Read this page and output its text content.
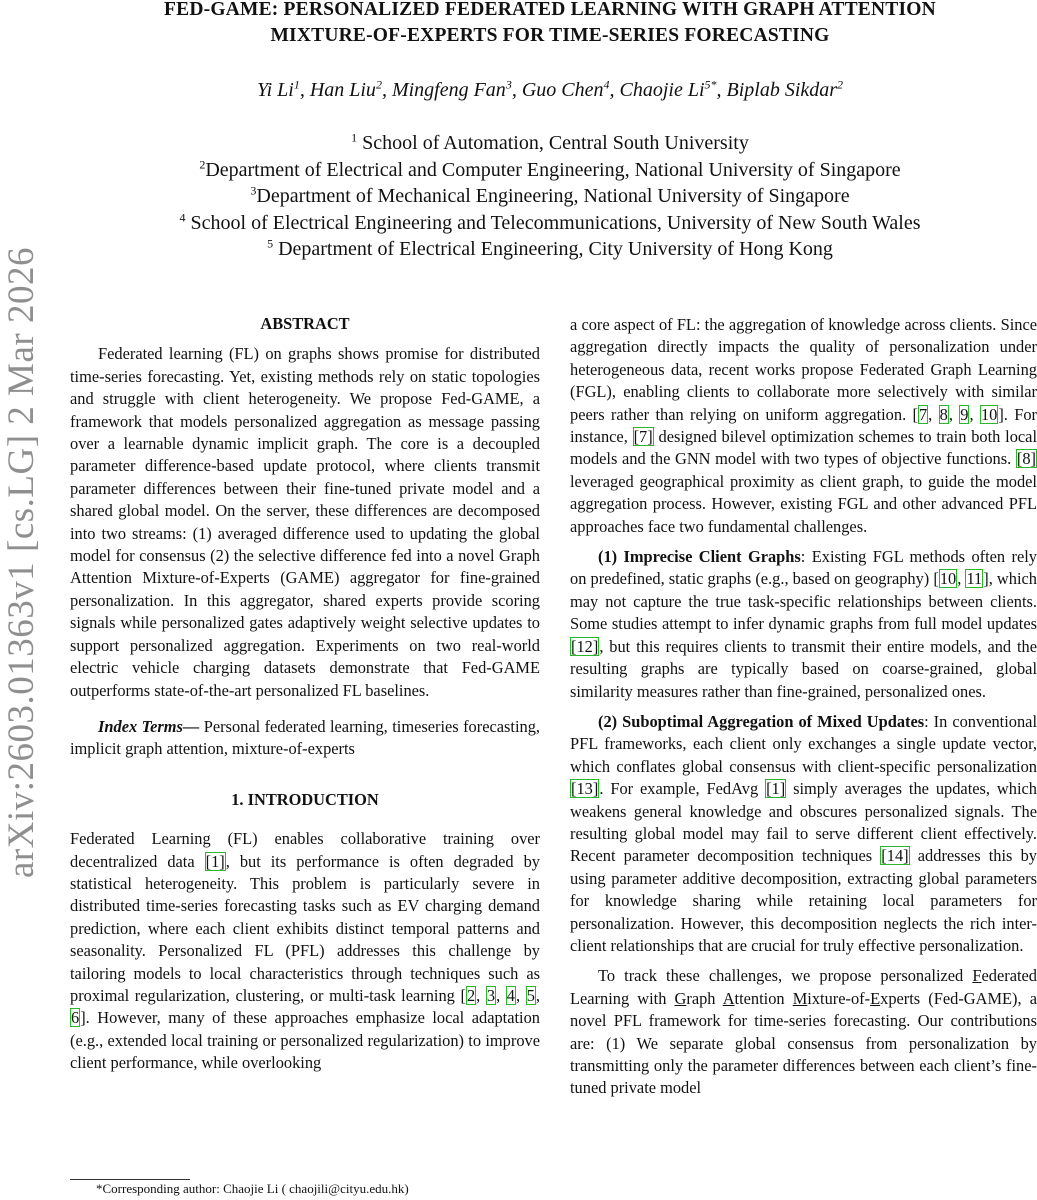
arXiv:2603.01363v1 [cs.LG] 2 Mar 2026
FED-GAME: PERSONALIZED FEDERATED LEARNING WITH GRAPH ATTENTION
MIXTURE-OF-EXPERTS FOR TIME-SERIES FORECASTING
Yi Li$^1$, Han Liu$^2$, Mingfeng Fan$^3$, Guo Chen$^4$, Chaojie $Li^{5*}$, Biplab Sikdar$^2$
$^1$ School of Automation, Central South University
$^2$Department of Electrical and Computer Engineering, National University of Singapore
$^3$Department of Mechanical Engineering, National University of Singapore
$^4$ School of Electrical Engineering and Telecommunications, University of New South Wales
$^5$ Department of Electrical Engineering, City University of Hong Kong
ABSTRACT

Federated learning (FL) on graphs shows promise for distributed time-series forecasting. Yet, existing methods rely on static topologies and struggle with client heterogeneity. We propose Fed-GAME, a framework that models personalized aggregation as message passing over a learnable dynamic implicit graph. The core is a decoupled parameter difference-based update protocol, where clients transmit parameter differences between their fine-tuned private model and a shared global model. On the server, these differences are decomposed into two streams: (1) averaged difference used to updating the global model for consensus (2) the selective difference fed into a novel Graph Attention Mixture-of-Experts (GAME) aggregator for fine-grained personalization. In this aggregator, shared experts provide scoring signals while personalized gates adaptively weight selective updates to support personalized aggregation. Experiments on two real-world electric vehicle charging datasets demonstrate that Fed-GAME outperforms state-of-the-art personalized FL baselines.

Index Terms— Personal federated learning, timeseries forecasting, implicit graph attention, mixture-of-experts

1. INTRODUCTION

Federated Learning (FL) enables collaborative training over decentralized data [1], but its performance is often degraded by statistical heterogeneity. This problem is particularly severe in distributed time-series forecasting tasks such as EV charging demand prediction, where each client exhibits distinct temporal patterns and seasonality. Personalized FL (PFL) addresses this challenge by tailoring models to local characteristics through techniques such as proximal regularization, clustering, or multi-task learning [2, 3, 4, 5, 6]. However, many of these approaches emphasize local adaptation (e.g., extended local training or personalized regularization) to improve client performance, while overlooking

a core aspect of FL: the aggregation of knowledge across clients. Since aggregation directly impacts the quality of personalization under heterogeneous data, recent works propose Federated Graph Learning (FGL), enabling clients to collaborate more selectively with similar peers rather than relying on uniform aggregation. [7, 8, 9, 10]. For instance, [7] designed bilevel optimization schemes to train both local models and the GNN model with two types of objective functions. [8] leveraged geographical proximity as client graph, to guide the model aggregation process. However, existing FGL and other advanced PFL approaches face two fundamental challenges.

(1) Imprecise Client Graphs: Existing FGL methods often rely on predefined, static graphs (e.g., based on geography) [10, 11], which may not capture the true task-specific relationships between clients. Some studies attempt to infer dynamic graphs from full model updates [12], but this requires clients to transmit their entire models, and the resulting graphs are typically based on coarse-grained, global similarity measures rather than fine-grained, personalized ones.

(2) Suboptimal Aggregation of Mixed Updates: In conventional PFL frameworks, each client only exchanges a single update vector, which conflates global consensus with client-specific personalization [13]. For example, FedAvg [1] simply averages the updates, which weakens general knowledge and obscures personalized signals. The resulting global model may fail to serve different client effectively. Recent parameter decomposition techniques [14] addresses this by using parameter additive decomposition, extracting global parameters for knowledge sharing while retaining local parameters for personalization. However, this decomposition neglects the rich inter-client relationships that are crucial for truly effective personalization.

To track these challenges, we propose personalized Federated Learning with Graph Attention Mixture-of-Experts (Fed-GAME), a novel PFL framework for time-series forecasting. Our contributions are: (1) We separate global consensus from personalization by transmitting only the parameter differences between each client’s fine-tuned private model

*Corresponding author: Chaojie Li ( chaojili@cityu.edu.hk)
